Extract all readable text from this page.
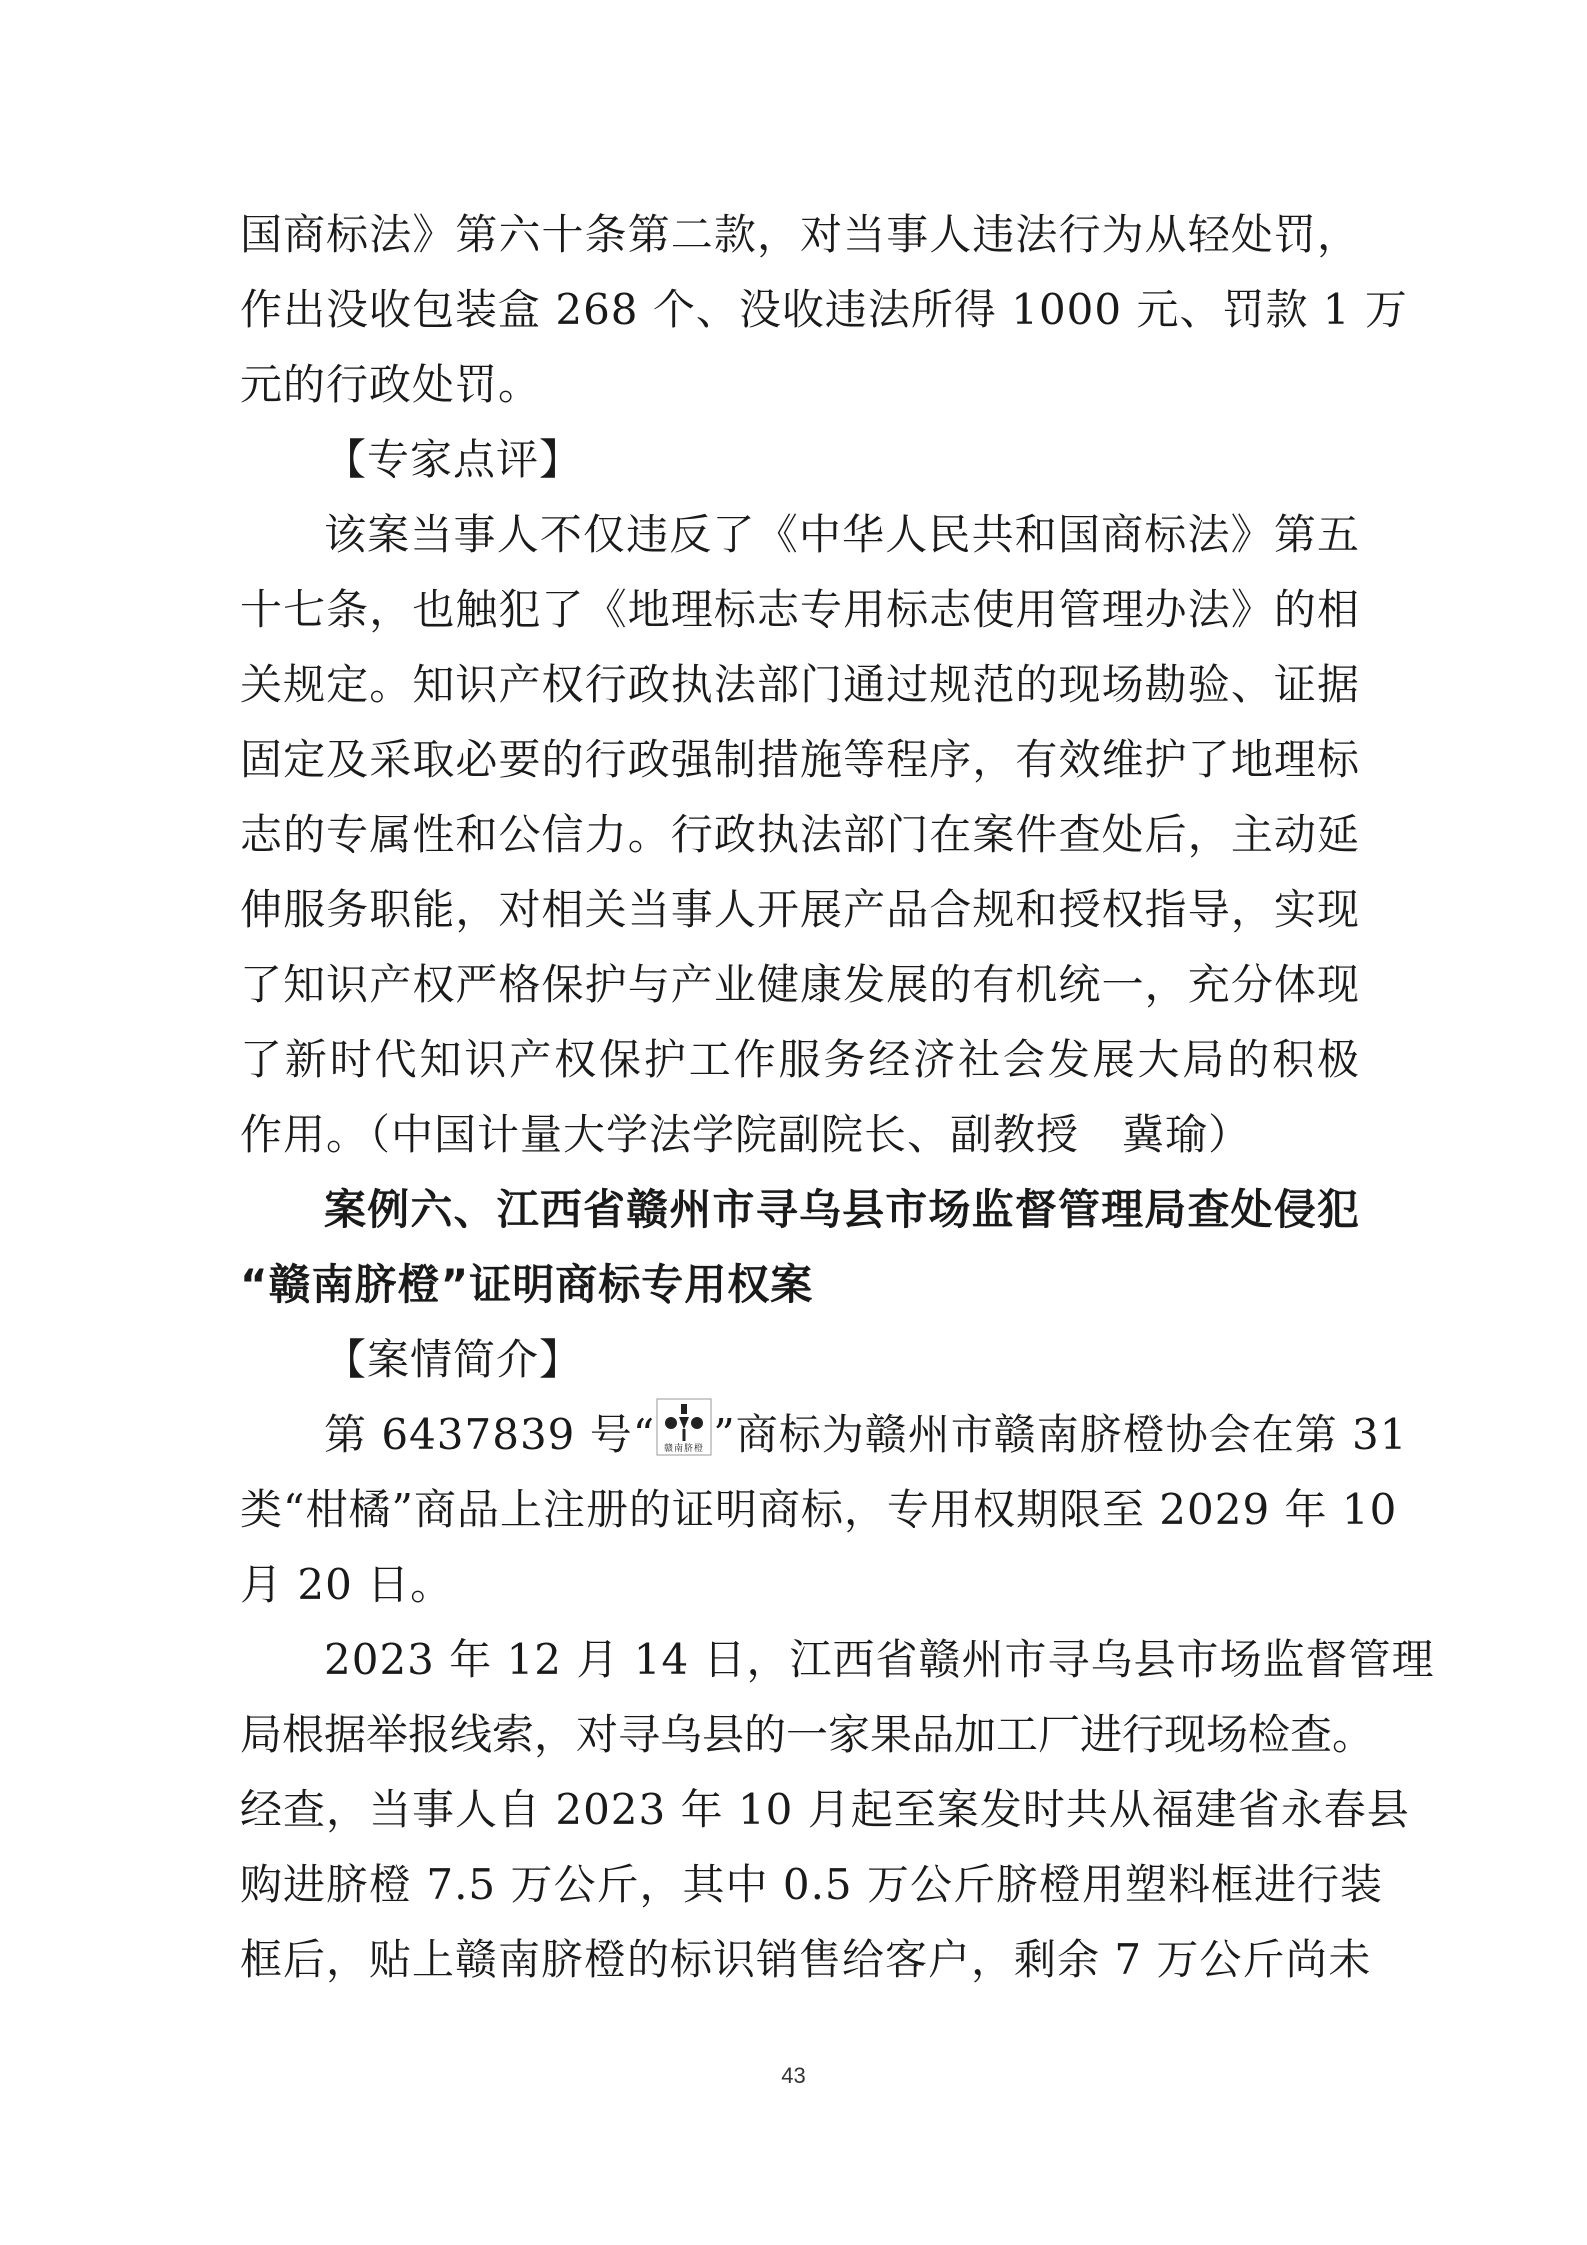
国商标法》第六十条第二款，对当事人违法行为从轻处罚，
作出没收包装盒 268 个、没收违法所得 1000 元、罚款 1 万
元的行政处罚。
【专家点评】
该案当事人不仅违反了《中华人民共和国商标法》第五
十七条，也触犯了《地理标志专用标志使用管理办法》的相
关规定。知识产权行政执法部门通过规范的现场勘验、证据
固定及采取必要的行政强制措施等程序，有效维护了地理标
志的专属性和公信力。行政执法部门在案件查处后，主动延
伸服务职能，对相关当事人开展产品合规和授权指导，实现
了知识产权严格保护与产业健康发展的有机统一，充分体现
了新时代知识产权保护工作服务经济社会发展大局的积极
作用。（中国计量大学法学院副院长、副教授　冀瑜）
案例六、江西省赣州市寻乌县市场监督管理局查处侵犯
“赣南脐橙”证明商标专用权案
【案情简介】
第 6437839 号“ 赣南脐橙 ”商标为赣州市赣南脐橙协会在第 31
类“柑橘”商品上注册的证明商标，专用权期限至 2029 年 10
月 20 日。
2023 年 12 月 14 日，江西省赣州市寻乌县市场监督管理
局根据举报线索，对寻乌县的一家果品加工厂进行现场检查。
经查，当事人自 2023 年 10 月起至案发时共从福建省永春县
购进脐橙 7.5 万公斤，其中 0.5 万公斤脐橙用塑料框进行装
框后，贴上赣南脐橙的标识销售给客户，剩余 7 万公斤尚未
43
